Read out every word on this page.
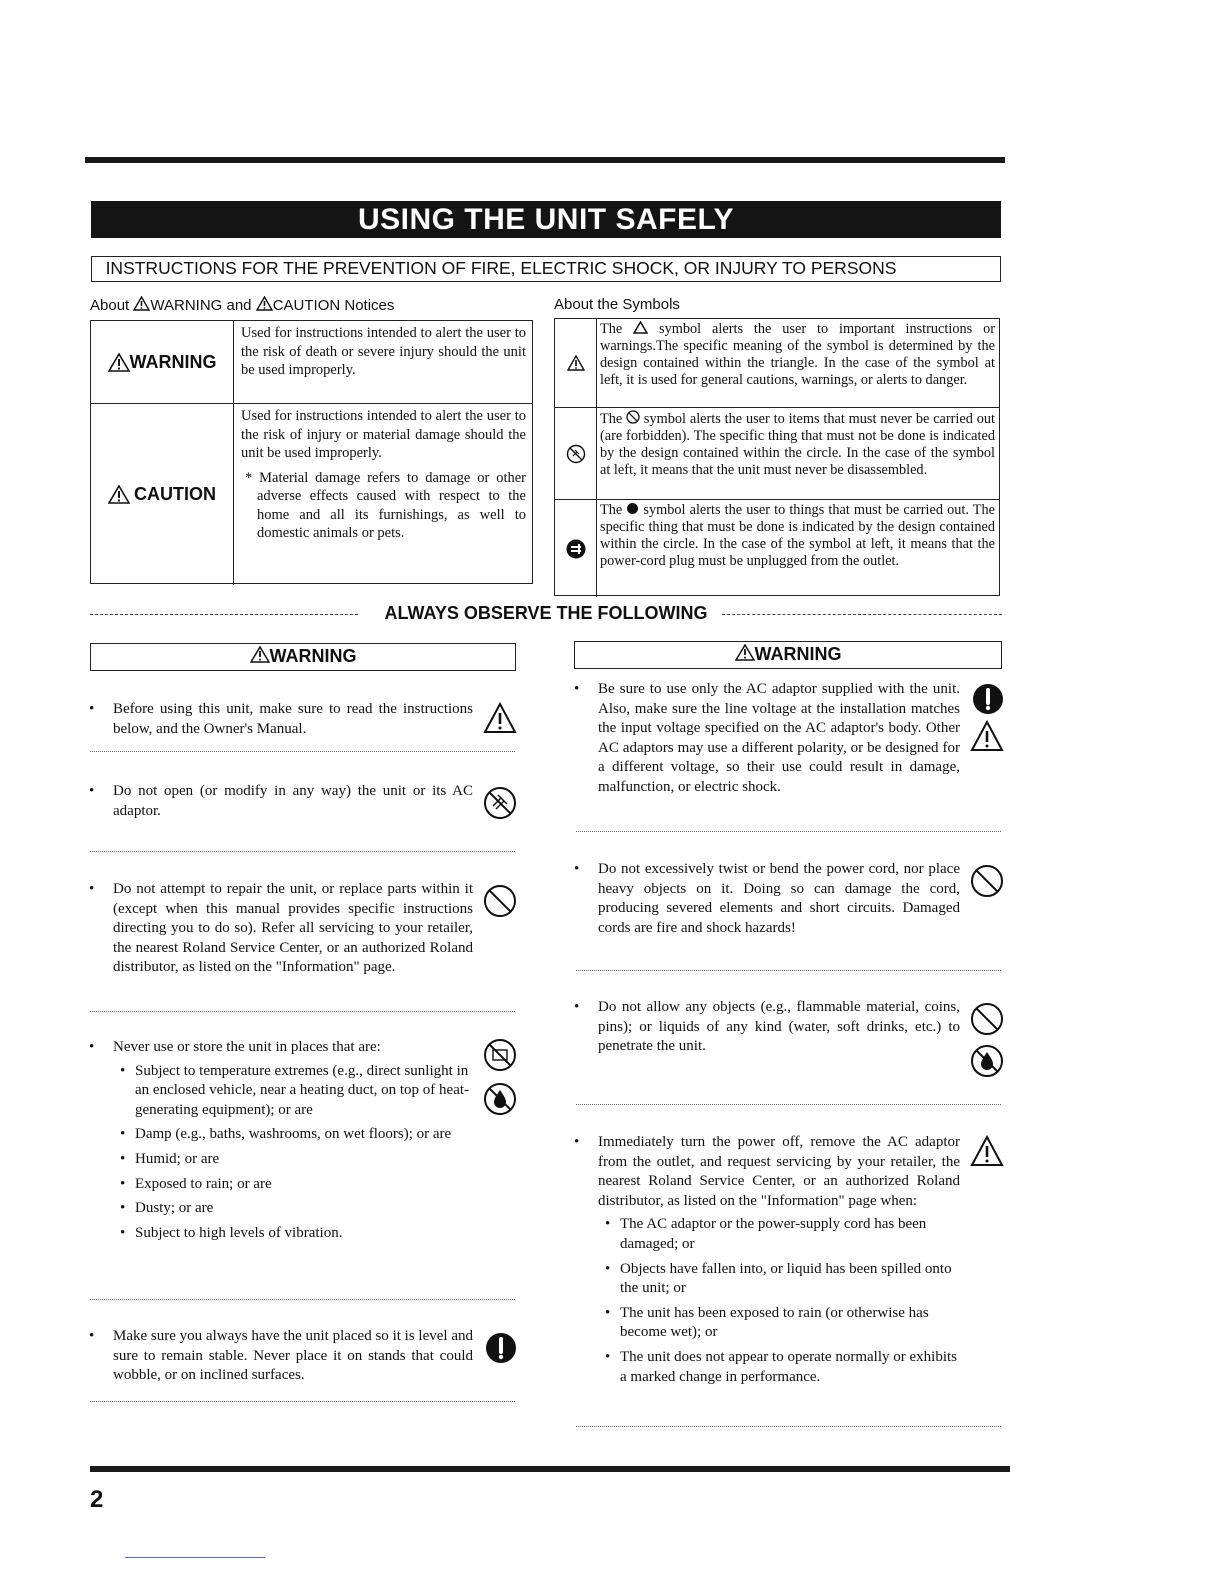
USING THE UNIT SAFELY
INSTRUCTIONS FOR THE PREVENTION OF FIRE, ELECTRIC SHOCK, OR INJURY TO PERSONS
About WARNING and CAUTION Notices	About the Symbols
WARNING
Used for instructions intended to alert the user to the risk of death or severe injury should the unit be used improperly.
CAUTION
Used for instructions intended to alert the user to the risk of injury or material damage should the unit be used improperly.
* Material damage refers to damage or other adverse effects caused with respect to the home and all its furnishings, as well to domestic animals or pets.
The	symbol alerts the user to important instructions or warnings.The specific meaning of the symbol is determined by the design contained within the triangle. In the case of the symbol at left, it is used for general cautions, warnings, or alerts to danger.
The symbol alerts the user to items that must never be carried out (are forbidden). The specific thing that must not be done is indicated by the design contained within the circle. In the case of the symbol at left, it means that the unit must never be disassembled.
The symbol alerts the user to things that must be carried out. The specific thing that must be done is indicated by the design contained within the circle. In the case of the symbol at left, it means that the power-cord plug must be unplugged from the outlet.
ALWAYS OBSERVE THE FOLLOWING
WARNING	WARNING
• Before using this unit, make sure to read the instructions below, and the Owner's Manual.
• Do not open (or modify in any way) the unit or its AC adaptor.
• Do not attempt to repair the unit, or replace parts within it (except when this manual provides specific instructions directing you to do so). Refer all servicing to your retailer, the nearest Roland Service Center, or an authorized Roland distributor, as listed on the "Information" page.
• Never use or store the unit in places that are:
• Subject to temperature extremes (e.g., direct sunlight in an enclosed vehicle, near a heating duct, on top of heat-generating equipment); or are
• Damp (e.g., baths, washrooms, on wet floors); or are
• Humid; or are
• Exposed to rain; or are
• Dusty; or are
• Subject to high levels of vibration.
• Make sure you always have the unit placed so it is level and sure to remain stable. Never place it on stands that could wobble, or on inclined surfaces.
• Be sure to use only the AC adaptor supplied with the unit. Also, make sure the line voltage at the installation matches the input voltage specified on the AC adaptor's body. Other AC adaptors may use a different polarity, or be designed for a different voltage, so their use could result in damage, malfunction, or electric shock.
• Do not excessively twist or bend the power cord, nor place heavy objects on it. Doing so can damage the cord, producing severed elements and short circuits. Damaged cords are fire and shock hazards!
• Do not allow any objects (e.g., flammable material, coins, pins); or liquids of any kind (water, soft drinks, etc.) to penetrate the unit.
• Immediately turn the power off, remove the AC adaptor from the outlet, and request servicing by your retailer, the nearest Roland Service Center, or an authorized Roland distributor, as listed on the "Information" page when:
• The AC adaptor or the power-supply cord has been damaged; or
• Objects have fallen into, or liquid has been spilled onto the unit; or
• The unit has been exposed to rain (or otherwise has become wet); or
• The unit does not appear to operate normally or exhibits a marked change in performance.
2
